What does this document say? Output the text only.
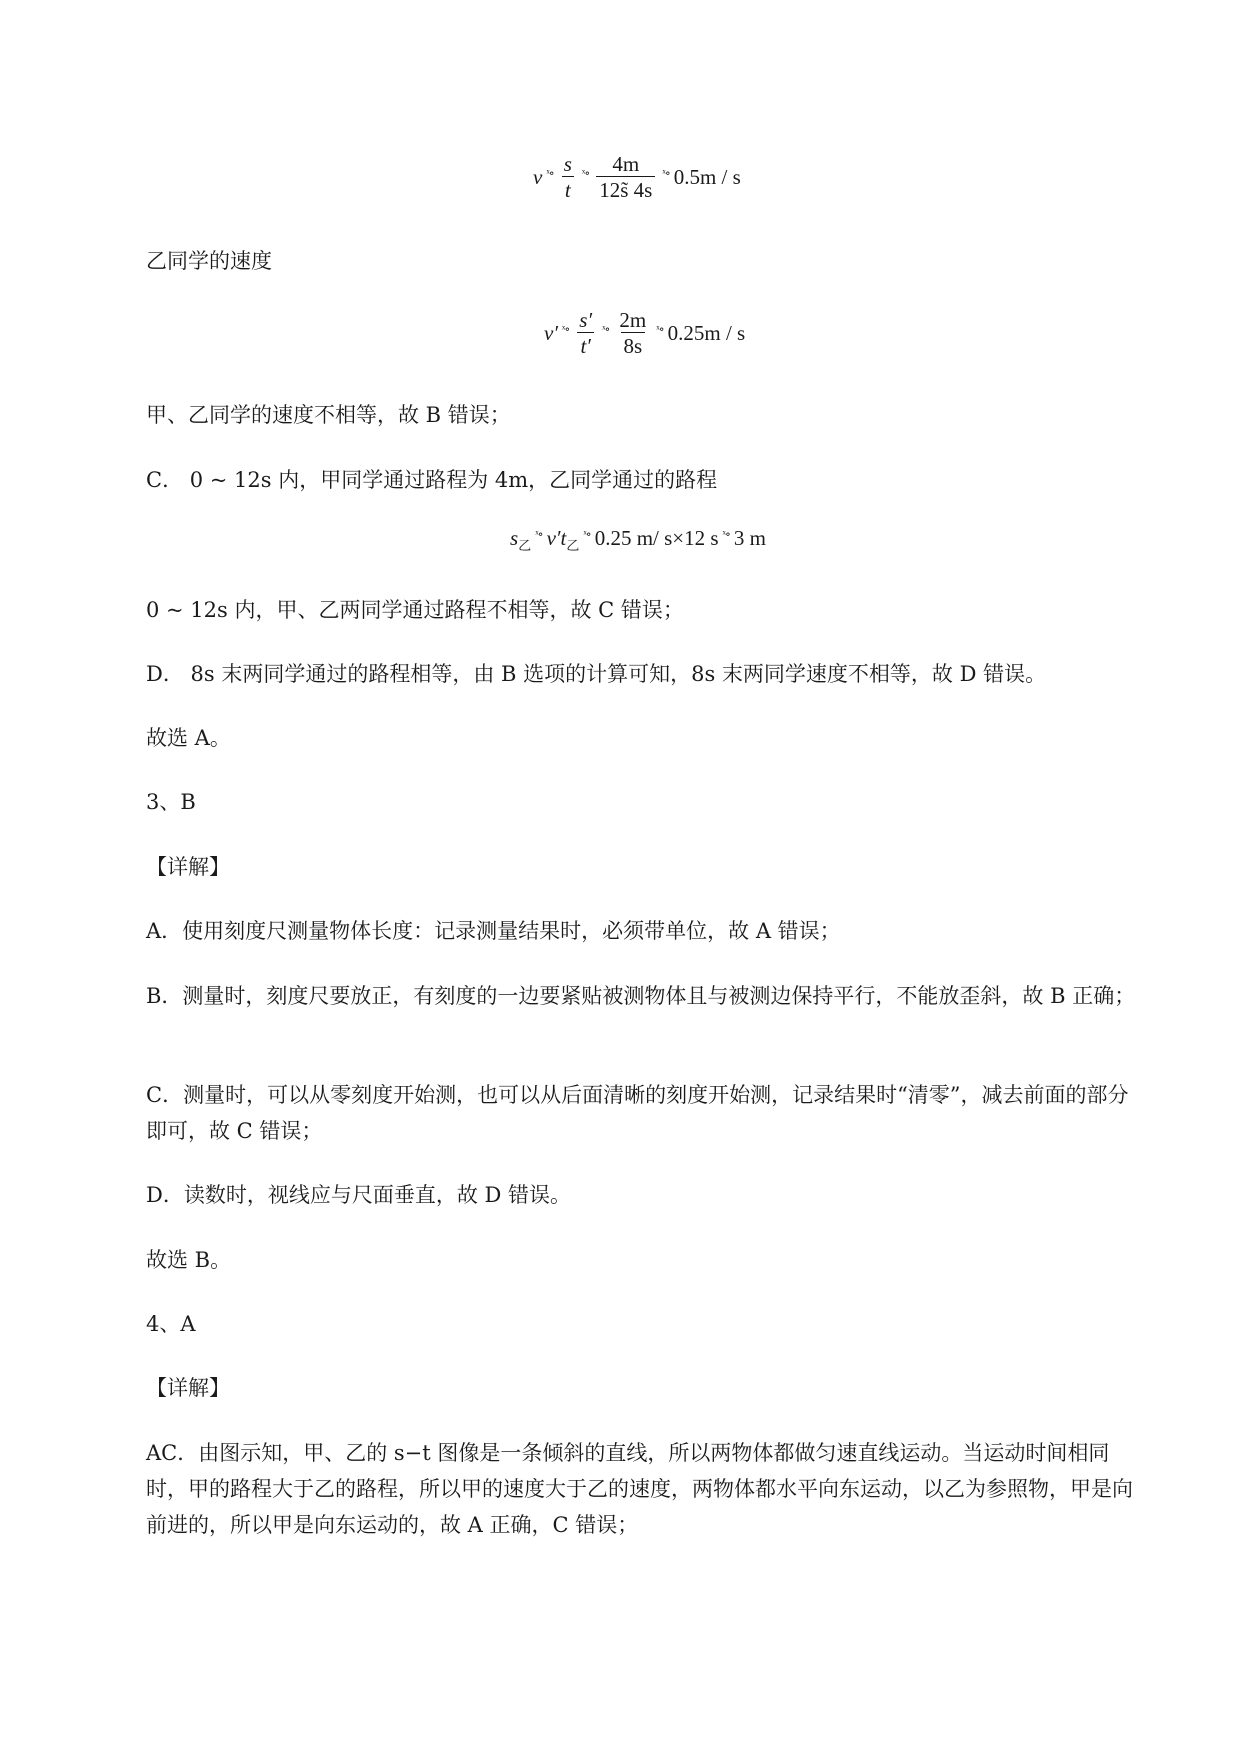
v ˣ∘ $\frac{s}{t}$ ˣ∘ $\frac{4m}{12s̃ 4s}$ ˣ∘ 0.5m / s
乙同学的速度
v′ ˣ∘ $\frac{s'}{t'}$ ˣ∘ $\frac{2m}{8s}$ ˣ∘ 0.25m / s
甲、乙同学的速度不相等，故 B 错误；
C． 0 ~ 12s 内，甲同学通过路程为 4m，乙同学通过的路程
s 乙
ˣ∘ v′t 乙
ˣ∘ 0.25 m/ s×12 s ˣ∘ 3 m
0 ~ 12s 内，甲、乙两同学通过路程不相等，故 C 错误；
D． 8s 末两同学通过的路程相等，由 B 选项的计算可知，8s 末两同学速度不相等，故 D 错误。
故选 A。
3、B
【详解】
A．使用刻度尺测量物体长度：记录测量结果时，必须带单位，故 A 错误；
B．测量时，刻度尺要放正，有刻度的一边要紧贴被测物体且与被测边保持平行，不能放歪斜，故 B 正确；
C．测量时，可以从零刻度开始测，也可以从后面清晰的刻度开始测，记录结果时“清零”，减去前面的部分即可，故 C 错误；
D．读数时，视线应与尺面垂直，故 D 错误。
故选 B。
4、A
【详解】
AC．由图示知，甲、乙的 s−t 图像是一条倾斜的直线，所以两物体都做匀速直线运动。当运动时间相同时，甲的路程大于乙的路程，所以甲的速度大于乙的速度，两物体都水平向东运动，以乙为参照物，甲是向前进的，所以甲是向东运动的，故 A 正确，C 错误；
